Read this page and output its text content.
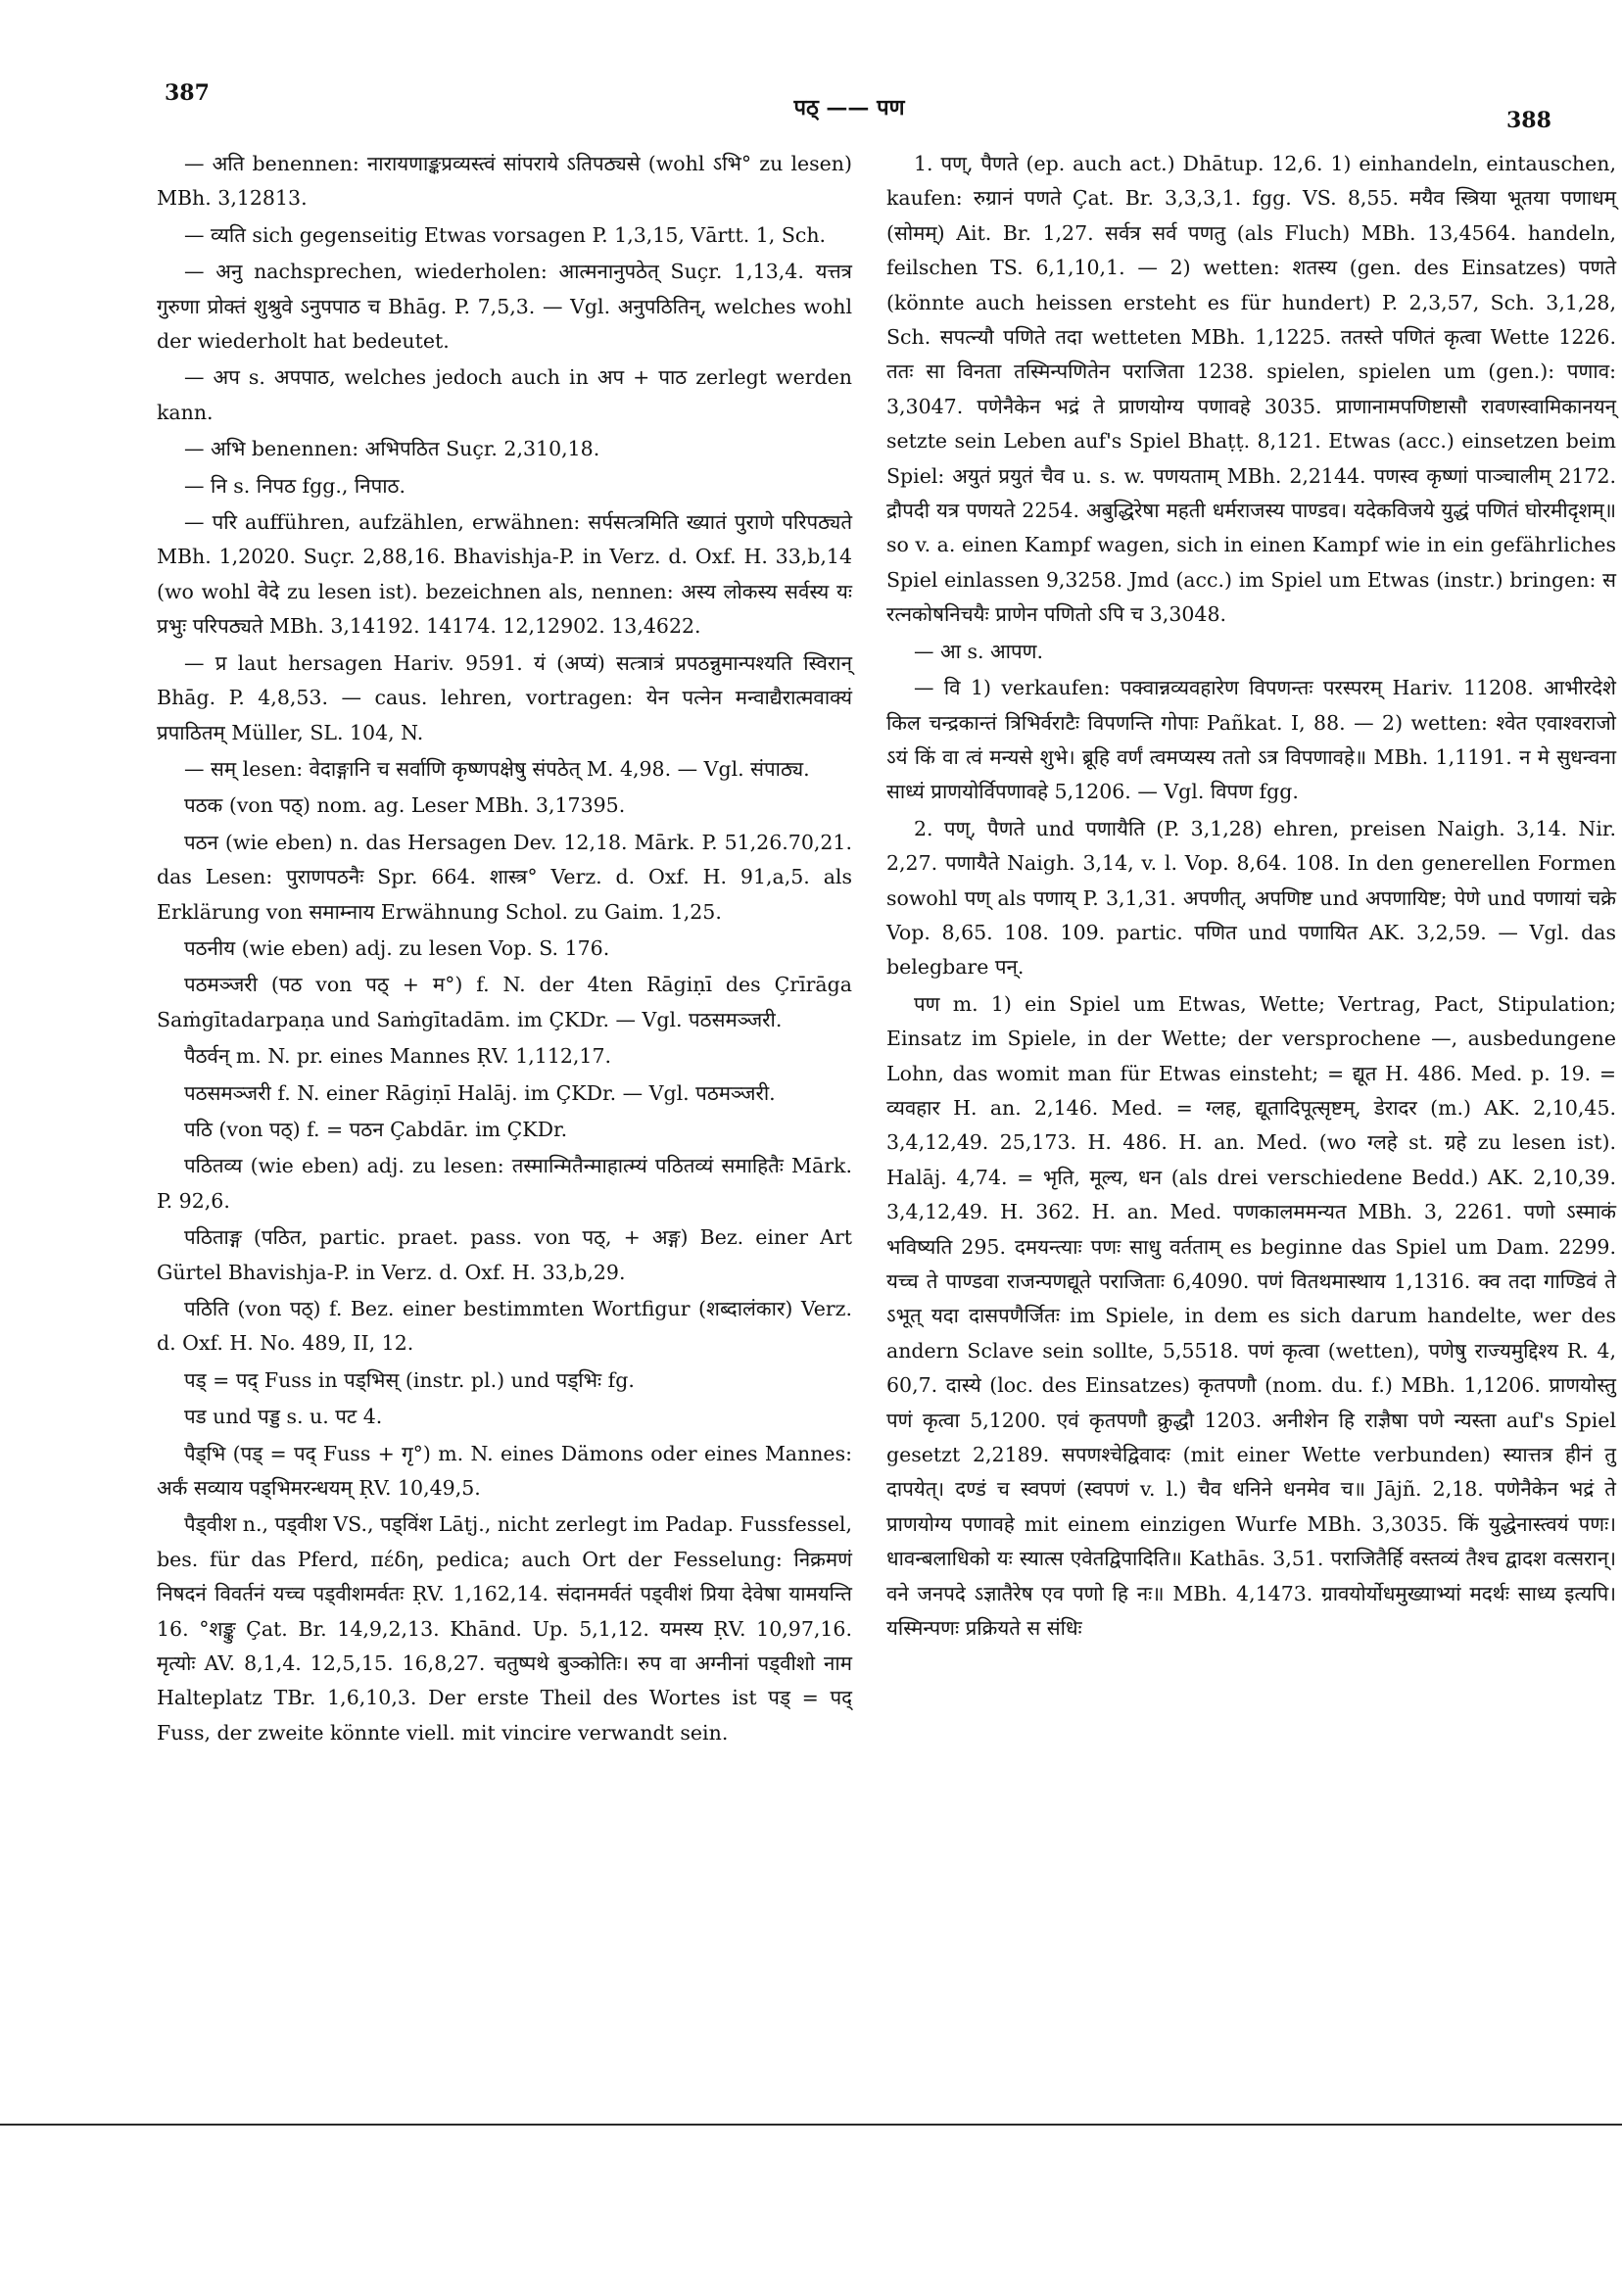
387
पठ् —— पण	388

— अति benennen: नारायणाङ्कप्रव्यस्त्वं सांपराये ऽतिपठ्यसे (wohl ऽभि° zu lesen) MBh. 3,12813.

— व्यति sich gegenseitig Etwas vorsagen P. 1,3,15, Vārtt. 1, Sch.

— अनु nachsprechen, wiederholen: आत्मनानुपठेत् Suçr. 1,13,4. यत्तत्र गुरुणा प्रोक्तं शुश्रुवे ऽनुपपाठ च Bhāg. P. 7,5,3. — Vgl. अनुपठितिन्, welches wohl der wiederholt hat bedeutet.

— अप s. अपपाठ, welches jedoch auch in अप + पाठ zerlegt werden kann.

— अभि benennen: अभिपठित Suçr. 2,310,18.

— नि s. निपठ fgg., निपाठ.

— परि aufführen, aufzählen, erwähnen: सर्पसत्त्रमिति ख्यातं पुराणे परिपठ्यते MBh. 1,2020. Suçr. 2,88,16. Bhavishja-P. in Verz. d. Oxf. H. 33,b,14 (wo wohl वेदे zu lesen ist). bezeichnen als, nennen: अस्य लोकस्य सर्वस्य यः प्रभुः परिपठ्यते MBh. 3,14192. 14174. 12,12902. 13,4622.

— प्र laut hersagen Hariv. 9591. यं (अप्यं) सत्त्रात्रं प्रपठन्नुमान्पश्यति स्विरान् Bhāg. P. 4,8,53. — caus. lehren, vortragen: येन पत्नेन मन्वाद्यैरात्मवाक्यं प्रपाठितम् Müller, SL. 104, N.

— सम् lesen: वेदाङ्गानि च सर्वाणि कृष्णपक्षेषु संपठेत् M. 4,98. — Vgl. संपाठ्य.

पठक (von पठ्) nom. ag. Leser MBh. 3,17395.

पठन (wie eben) n. das Hersagen Dev. 12,18. Mārk. P. 51,26.70,21. das Lesen: पुराणपठनैः Spr. 664. शास्त्र° Verz. d. Oxf. H. 91,a,5. als Erklärung von समाम्नाय Erwähnung Schol. zu Gaim. 1,25.

पठनीय (wie eben) adj. zu lesen Vop. S. 176.

पठमञ्जरी (पठ von पठ् + म°) f. N. der 4ten Rāgiṇī des Çrīrāga Saṁgītadarpaṇa und Saṁgītadām. im ÇKDr. — Vgl. पठसमञ्जरी.

पैठर्वन् m. N. pr. eines Mannes ṚV. 1,112,17.

पठसमञ्जरी f. N. einer Rāgiṇī Halāj. im ÇKDr. — Vgl. पठमञ्जरी.

पठि (von पठ्) f. = पठन Çabdār. im ÇKDr.

पठितव्य (wie eben) adj. zu lesen: तस्मान्मितैन्माहात्म्यं पठितव्यं समाहितैः Mārk. P. 92,6.

पठिताङ्ग (पठित, partic. praet. pass. von पठ्, + अङ्ग) Bez. einer Art Gürtel Bhavishja-P. in Verz. d. Oxf. H. 33,b,29.

पठिति (von पठ्) f. Bez. einer bestimmten Wortfigur (शब्दालंकार) Verz. d. Oxf. H. No. 489, II, 12.

पड् = पद् Fuss in पड्भिस् (instr. pl.) und पड्भिः fg.

पड und पड्ड s. u. पट 4.

पैड्भि (पड् = पद् Fuss + गृ°) m. N. eines Dämons oder eines Mannes: अर्कं सव्याय पड्भिमरन्धयम् ṚV. 10,49,5.

पैड्वीश n., पड्वीश VS., पड्विंश Lāṭj., nicht zerlegt im Padap. Fussfessel, bes. für das Pferd, πέδη, pedica; auch Ort der Fesselung: निक्रमणं निषदनं विवर्तनं यच्च पड्वीशमर्वतः ṚV. 1,162,14. संदानमर्वतं पड्वीशं प्रिया देवेषा यामयन्ति 16. °शङ्कु Çat. Br. 14,9,2,13. Khānd. Up. 5,1,12. यमस्य ṚV. 10,97,16. मृत्योः AV. 8,1,4. 12,5,15. 16,8,27. चतुष्पथे बुञ्कोतिः। रुप वा अग्नीनां पड्वीशो नाम Halteplatz TBr. 1,6,10,3. Der erste Theil des Wortes ist पड् = पद् Fuss, der zweite könnte viell. mit vincire verwandt sein.

1. पण्, पैणते (ep. auch act.) Dhātup. 12,6. 1) einhandeln, eintauschen, kaufen: रुग्रानं पणते Çat. Br. 3,3,3,1. fgg. VS. 8,55. मयैव स्त्रिया भूतया पणाधम् (सोमम्) Ait. Br. 1,27. सर्वत्र सर्व पणतु (als Fluch) MBh. 13,4564. handeln, feilschen TS. 6,1,10,1. — 2) wetten: शतस्य (gen. des Einsatzes) पणते (könnte auch heissen ersteht es für hundert) P. 2,3,57, Sch. 3,1,28, Sch. सपत्न्यौ पणिते तदा wetteten MBh. 1,1225. ततस्ते पणितं कृत्वा Wette 1226. ततः सा विनता तस्मिन्पणितेन पराजिता 1238. spielen, spielen um (gen.): पणाव: 3,3047. पणेनैकेन भद्रं ते प्राणयोग्य पणावहे 3035. प्राणानामपणिष्टासौ रावणस्वामिकानयन् setzte sein Leben auf's Spiel Bhaṭṭ. 8,121. Etwas (acc.) einsetzen beim Spiel: अयुतं प्रयुतं चैव u. s. w. पणयताम् MBh. 2,2144. पणस्व कृष्णां पाञ्चालीम् 2172. द्रौपदी यत्र पणयते 2254. अबुद्धिरेषा महती धर्मराजस्य पाण्डव। यदेकविजये युद्धं पणितं घोरमीदृशम्॥ so v. a. einen Kampf wagen, sich in einen Kampf wie in ein gefährliches Spiel einlassen 9,3258. Jmd (acc.) im Spiel um Etwas (instr.) bringen: स रत्नकोषनिचयैः प्राणेन पणितो ऽपि च 3,3048.

— आ s. आपण.

— वि 1) verkaufen: पक्वान्नव्यवहारेण विपणन्तः परस्परम् Hariv. 11208. आभीरदेशे किल चन्द्रकान्तं त्रिभिर्वराटैः विपणन्ति गोपाः Pañkat. I, 88. — 2) wetten: श्वेत एवाश्वराजो ऽयं किं वा त्वं मन्यसे शुभे। ब्रूहि वर्णं त्वमप्यस्य ततो ऽत्र विपणावहे॥ MBh. 1,1191. न मे सुधन्वना साध्यं प्राणयोर्विपणावहे 5,1206. — Vgl. विपण fgg.

2. पण्, पैणते und पणायैति (P. 3,1,28) ehren, preisen Naigh. 3,14. Nir. 2,27. पणायैते Naigh. 3,14, v. l. Vop. 8,64. 108. In den generellen Formen sowohl पण् als पणाय् P. 3,1,31. अपणीत्, अपणिष्ट und अपणायिष्ट; पेणे und पणायां चक्रे Vop. 8,65. 108. 109. partic. पणित und पणायित AK. 3,2,59. — Vgl. das belegbare पन्.

पण m. 1) ein Spiel um Etwas, Wette; Vertrag, Pact, Stipulation; Einsatz im Spiele, in der Wette; der versprochene —, ausbedungene Lohn, das womit man für Etwas einsteht; = द्यूत H. 486. Med. p. 19. = व्यवहार H. an. 2,146. Med. = ग्लह, द्यूतादिपूत्सृष्टम्, डेरादर (m.) AK. 2,10,45. 3,4,12,49. 25,173. H. 486. H. an. Med. (wo ग्लहे st. ग्रहे zu lesen ist). Halāj. 4,74. = भृति, मूल्य, धन (als drei verschiedene Bedd.) AK. 2,10,39. 3,4,12,49. H. 362. H. an. Med. पणकालममन्यत MBh. 3, 2261. पणो ऽस्माकं भविष्यति 295. दमयन्त्याः पणः साधु वर्तताम् es beginne das Spiel um Dam. 2299. यच्च ते पाण्डवा राजन्पणद्यूते पराजिताः 6,4090. पणं वितथमास्थाय 1,1316. क्व तदा गाण्डिवं ते ऽभूत् यदा दासपणैर्जितः im Spiele, in dem es sich darum handelte, wer des andern Sclave sein sollte, 5,5518. पणं कृत्वा (wetten), पणेषु राज्यमुद्दिश्य R. 4, 60,7. दास्ये (loc. des Einsatzes) कृतपणौ (nom. du. f.) MBh. 1,1206. प्राणयोस्तु पणं कृत्वा 5,1200. एवं कृतपणौ क्रुद्धौ 1203. अनीशेन हि राज्ञैषा पणे न्यस्ता auf's Spiel gesetzt 2,2189. सपणश्चेद्विवादः (mit einer Wette verbunden) स्यात्तत्र हीनं तु दापयेत्। दण्डं च स्वपणं (स्वपणं v. l.) चैव धनिने धनमेव च॥ Jājñ. 2,18. पणेनैकेन भद्रं ते प्राणयोग्य पणावहे mit einem einzigen Wurfe MBh. 3,3035. किं युद्धेनास्त्वयं पणः। धावन्बलाधिको यः स्यात्स एवेतद्विपादिति॥ Kathās. 3,51. पराजितैर्हि वस्तव्यं तैश्च द्वादश वत्सरान्। वने जनपदे ऽज्ञातैरेष एव पणो हि नः॥ MBh. 4,1473. ग्रावयोर्योधमुख्याभ्यां मदर्थः साध्य इत्यपि। यस्मिन्पणः प्रक्रियते स संधिः
